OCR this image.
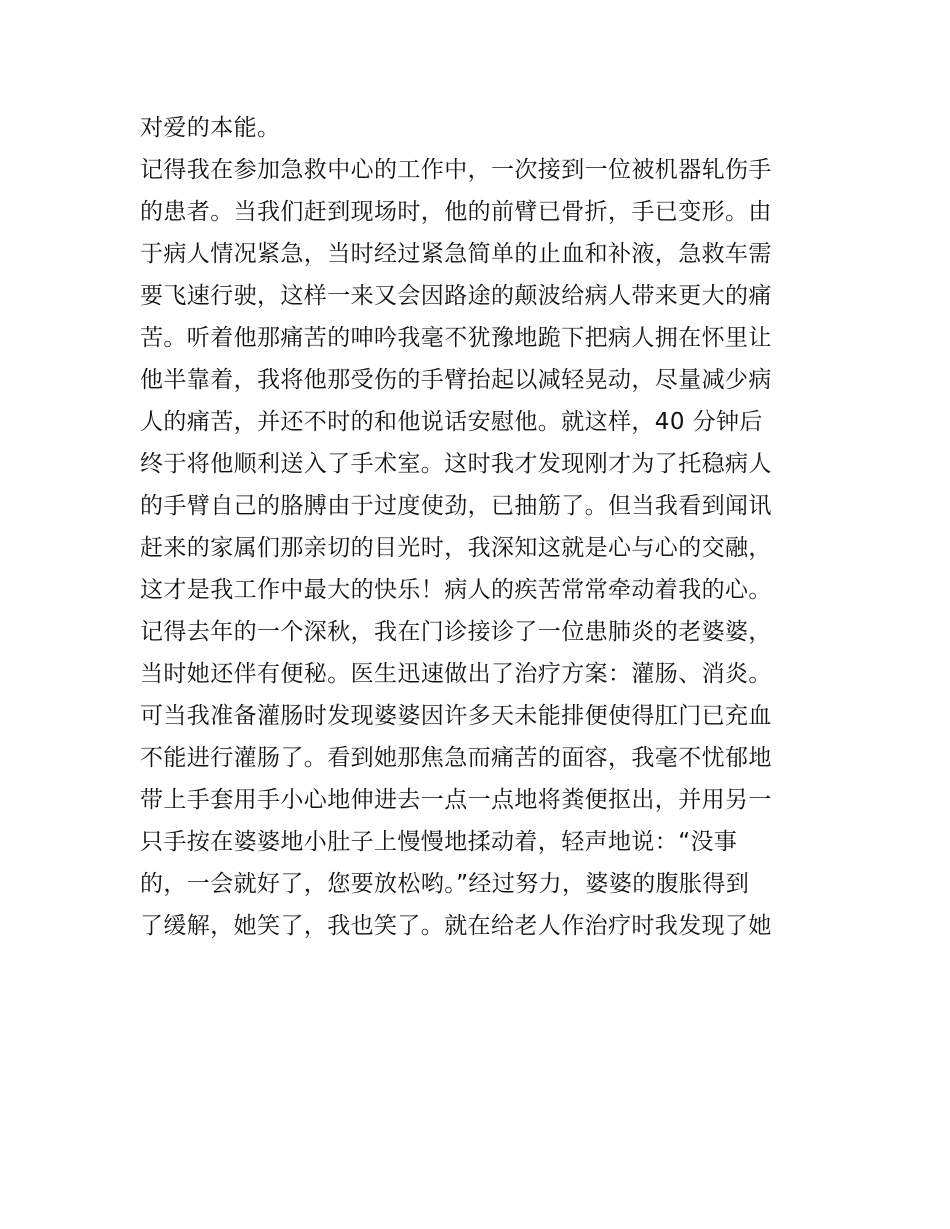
对爱的本能。
记得我在参加急救中心的工作中，一次接到一位被机器轧伤手
的患者。当我们赶到现场时，他的前臂已骨折，手已变形。由
于病人情况紧急，当时经过紧急简单的止血和补液，急救车需
要飞速行驶，这样一来又会因路途的颠波给病人带来更大的痛
苦。听着他那痛苦的呻吟我毫不犹豫地跪下把病人拥在怀里让
他半靠着，我将他那受伤的手臂抬起以减轻晃动，尽量减少病
人的痛苦，并还不时的和他说话安慰他。就这样，40 分钟后
终于将他顺利送入了手术室。这时我才发现刚才为了托稳病人
的手臂自己的胳膊由于过度使劲，已抽筋了。但当我看到闻讯
赶来的家属们那亲切的目光时，我深知这就是心与心的交融，
这才是我工作中最大的快乐！病人的疾苦常常牵动着我的心。
记得去年的一个深秋，我在门诊接诊了一位患肺炎的老婆婆，
当时她还伴有便秘。医生迅速做出了治疗方案：灌肠、消炎。
可当我准备灌肠时发现婆婆因许多天未能排便使得肛门已充血
不能进行灌肠了。看到她那焦急而痛苦的面容，我毫不忧郁地
带上手套用手小心地伸进去一点一点地将粪便抠出，并用另一
只手按在婆婆地小肚子上慢慢地揉动着，轻声地说：“没事
的，一会就好了，您要放松哟。”经过努力，婆婆的腹胀得到
了缓解，她笑了，我也笑了。就在给老人作治疗时我发现了她
